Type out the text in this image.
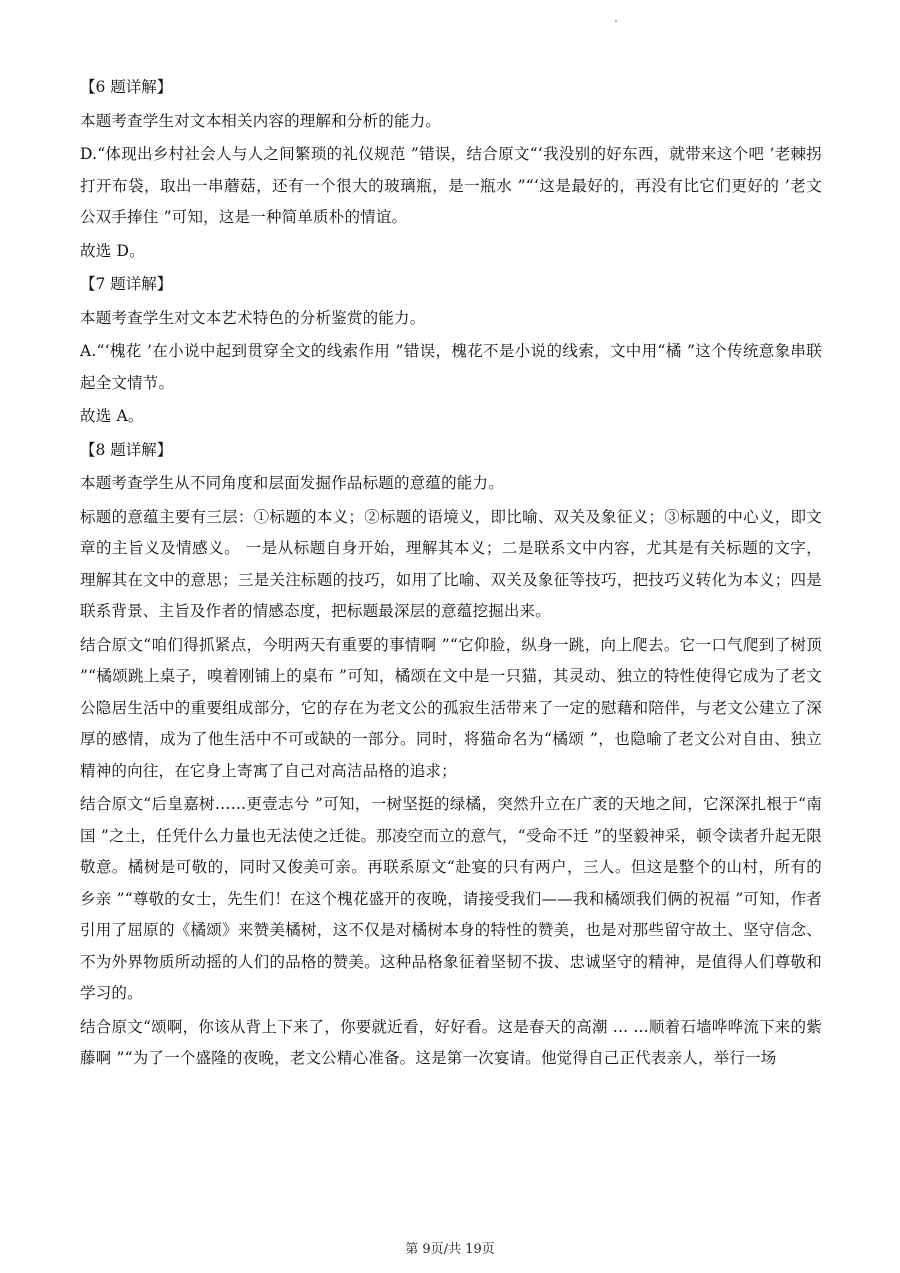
【6 题详解】

本题考查学生对文本相关内容的理解和分析的能力。

D.“体现出乡村社会人与人之间繁琐的礼仪规范 ”错误，结合原文“‘我没别的好东西，就带来这个吧 ’老棘拐打开布袋，取出一串蘑菇，还有一个很大的玻璃瓶，是一瓶水 ”“‘这是最好的，再没有比它们更好的 ’老文公双手捧住 ”可知，这是一种简单质朴的情谊。

故选 D。

【7 题详解】

本题考查学生对文本艺术特色的分析鉴赏的能力。

A.“‘槐花 ’在小说中起到贯穿全文的线索作用 ”错误，槐花不是小说的线索，文中用“橘 ”这个传统意象串联起全文情节。

故选 A。

【8 题详解】

本题考查学生从不同角度和层面发掘作品标题的意蕴的能力。

标题的意蕴主要有三层：①标题的本义；②标题的语境义，即比喻、双关及象征义；③标题的中心义，即文章的主旨义及情感义。 一是从标题自身开始，理解其本义；二是联系文中内容，尤其是有关标题的文字，理解其在文中的意思；三是关注标题的技巧，如用了比喻、双关及象征等技巧，把技巧义转化为本义；四是联系背景、主旨及作者的情感态度，把标题最深层的意蕴挖掘出来。

结合原文“咱们得抓紧点，今明两天有重要的事情啊 ”“它仰脸，纵身一跳，向上爬去。它一口气爬到了树顶 ”“橘颂跳上桌子，嗅着刚铺上的桌布 ”可知，橘颂在文中是一只猫，其灵动、独立的特性使得它成为了老文公隐居生活中的重要组成部分，它的存在为老文公的孤寂生活带来了一定的慰藉和陪伴，与老文公建立了深厚的感情，成为了他生活中不可或缺的一部分。同时，将猫命名为“橘颂 ”，也隐喻了老文公对自由、独立精神的向往，在它身上寄寓了自己对高洁品格的追求；

结合原文“后皇嘉树……更壹志兮 ”可知，一树坚挺的绿橘，突然升立在广袤的天地之间，它深深扎根于“南国 ”之土，任凭什么力量也无法使之迁徙。那凌空而立的意气，“受命不迁 ”的坚毅神采，顿令读者升起无限敬意。橘树是可敬的，同时又俊美可亲。再联系原文“赴宴的只有两户，三人。但这是整个的山村，所有的乡亲 ”“尊敬的女士，先生们！在这个槐花盛开的夜晚，请接受我们——我和橘颂我们俩的祝福 ”可知，作者引用了屈原的《橘颂》来赞美橘树，这不仅是对橘树本身的特性的赞美，也是对那些留守故土、坚守信念、不为外界物质所动摇的人们的品格的赞美。这种品格象征着坚韧不拔、忠诚坚守的精神，是值得人们尊敬和学习的。

结合原文“颂啊，你该从背上下来了，你要就近看，好好看。这是春天的高潮 ... ...顺着石墙哗哗流下来的紫藤啊 ”“为了一个盛隆的夜晚，老文公精心准备。这是第一次宴请。他觉得自己正代表亲人，举行一场

第 9页/共 19页
